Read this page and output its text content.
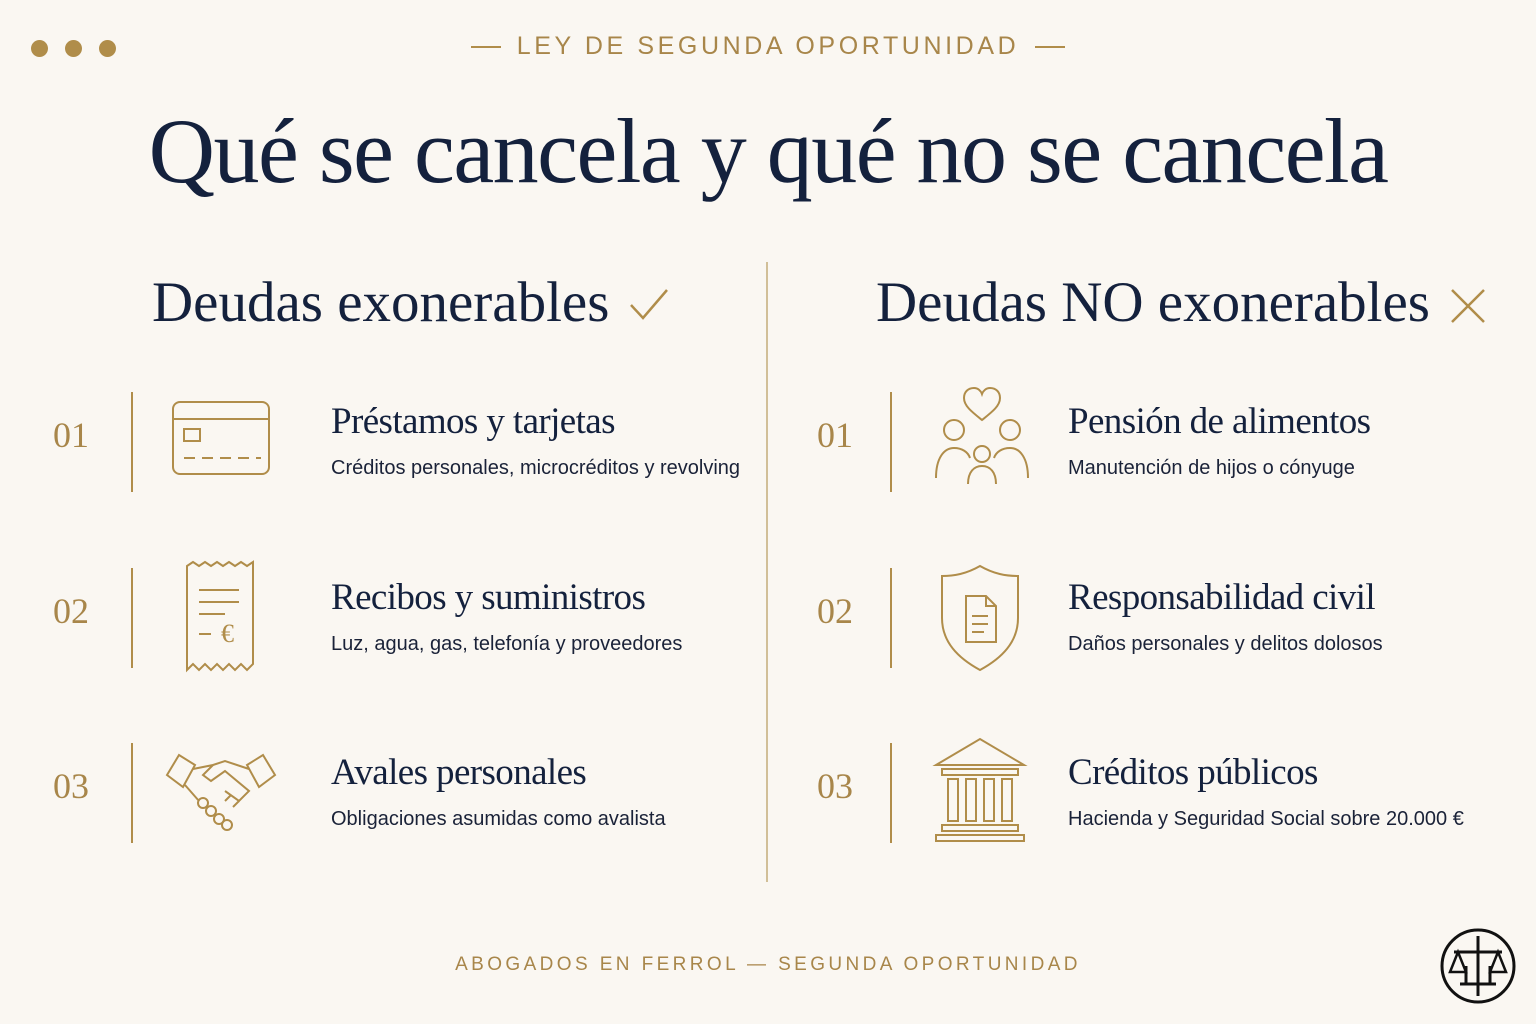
LEY DE SEGUNDA OPORTUNIDAD
Qué se cancela y qué no se cancela
Deudas exonerables	Deudas NO exonerables
01	Préstamos y tarjetas
Créditos personales, microcréditos y revolving
02
€
Recibos y suministros
Luz, agua, gas, telefonía y proveedores
03	Avales personales
Obligaciones asumidas como avalista
01	Pensión de alimentos
Manutención de hijos o cónyuge
02	Responsabilidad civil
Daños personales y delitos dolosos
03	Créditos públicos
Hacienda y Seguridad Social sobre 20.000 €
ABOGADOS EN FERROL — SEGUNDA OPORTUNIDAD
